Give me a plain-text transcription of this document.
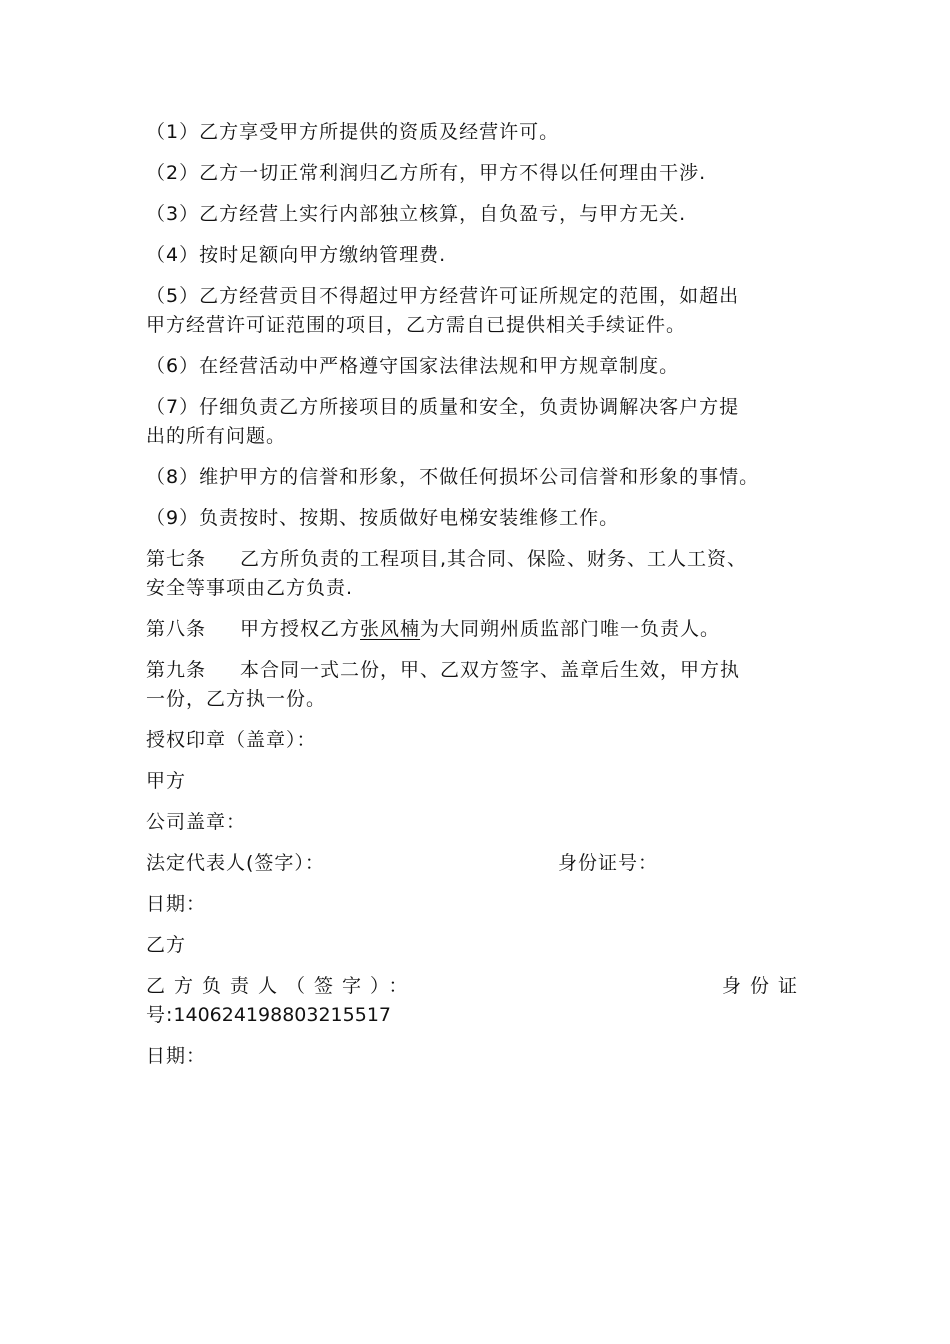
（1）乙方享受甲方所提供的资质及经营许可。
（2）乙方一切正常利润归乙方所有，甲方不得以任何理由干涉.
（3）乙方经营上实行内部独立核算，自负盈亏，与甲方无关.
（4）按时足额向甲方缴纳管理费.
（5）乙方经营贡目不得超过甲方经营许可证所规定的范围，如超出
甲方经营许可证范围的项目，乙方需自已提供相关手续证件。
（6）在经营活动中严格遵守国家法律法规和甲方规章制度。
（7）仔细负责乙方所接项目的质量和安全，负责协调解决客户方提
出的所有问题。
（8）维护甲方的信誉和形象，不做任何损坏公司信誉和形象的事情。
（9）负责按时、按期、按质做好电梯安装维修工作。
第七条 乙方所负责的工程项目,其合同、保险、财务、工人工资、
安全等事项由乙方负责.
第八条 甲方授权乙方张风楠为大同朔州质监部门唯一负责人。
第九条 本合同一式二份，甲、乙双方签字、盖章后生效，甲方执
一份，乙方执一份。
授权印章（盖章）：
甲方
公司盖章：
法定代表人(签字）：	身份证号：
日期：
乙方
乙方负责人（签字）：	身份证
号:140624198803215517
日期：
